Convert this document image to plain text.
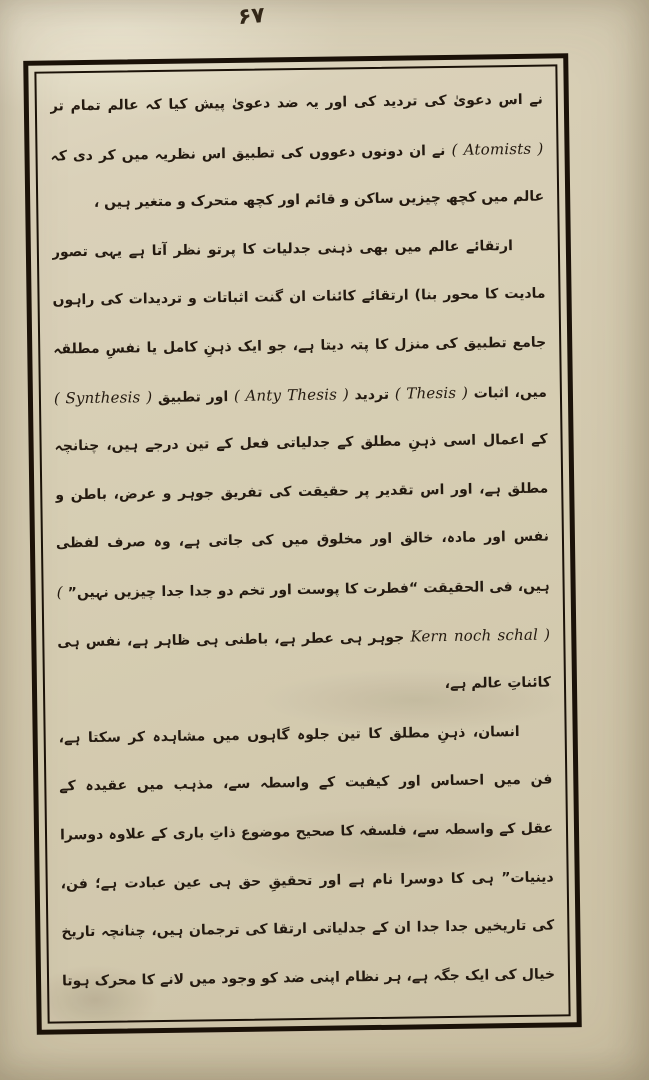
۶۷
نے اس دعویٰ کی تردید کی اور یہ ضد دعویٰ پیش کیا کہ عالم تمام تر
( Atomists ) نے ان دونوں دعووں کی تطبیق اس نظریہ میں کر دی کہ
عالم میں کچھ چیزیں ساکن و قائم اور کچھ متحرک و متغیر ہیں ،
ارتقائے عالم میں بھی ذہنی جدلیات کا پرتو نظر آتا ہے یہی تصور
مادیت کا محور بنا) ارتقائے کائنات ان گنت اثباتات و تردیدات کی راہوں
جامع تطبیق کی منزل کا پتہ دیتا ہے، جو ایک ذہنِ کامل یا نفسِ مطلقہ
میں، اثبات ( Thesis ) تردید ( Anty Thesis ) اور تطبیق ( Synthesis )
کے اعمال اسی ذہنِ مطلق کے جدلیاتی فعل کے تین درجے ہیں، چنانچہ
مطلق ہے، اور اس تقدیر پر حقیقت کی تفریق جوہر و عرض، باطن و
نفس اور مادہ، خالق اور مخلوق میں کی جاتی ہے، وہ صرف لفظی
ہیں، فی الحقیقت “فطرت کا پوست اور تخم دو جدا جدا چیزیں نہیں” (
Kern noch schal ) جوہر ہی عطر ہے، باطنی ہی ظاہر ہے، نفس ہی
کائناتِ عالم ہے،
انسان، ذہنِ مطلق کا تین جلوہ گاہوں میں مشاہدہ کر سکتا ہے،
فن میں احساس اور کیفیت کے واسطہ سے، مذہب میں عقیدہ کے
عقل کے واسطہ سے، فلسفہ کا صحیح موضوع ذاتِ باری کے علاوہ دوسرا
دینیات” ہی کا دوسرا نام ہے اور تحقیقِ حق ہی عین عبادت ہے؛ فن،
کی تاریخیں جدا جدا ان کے جدلیاتی ارتقا کی ترجمان ہیں، چنانچہ تاریخ
خیال کی ایک جگہ ہے، ہر نظام اپنی ضد کو وجود میں لانے کا محرک ہوتا
